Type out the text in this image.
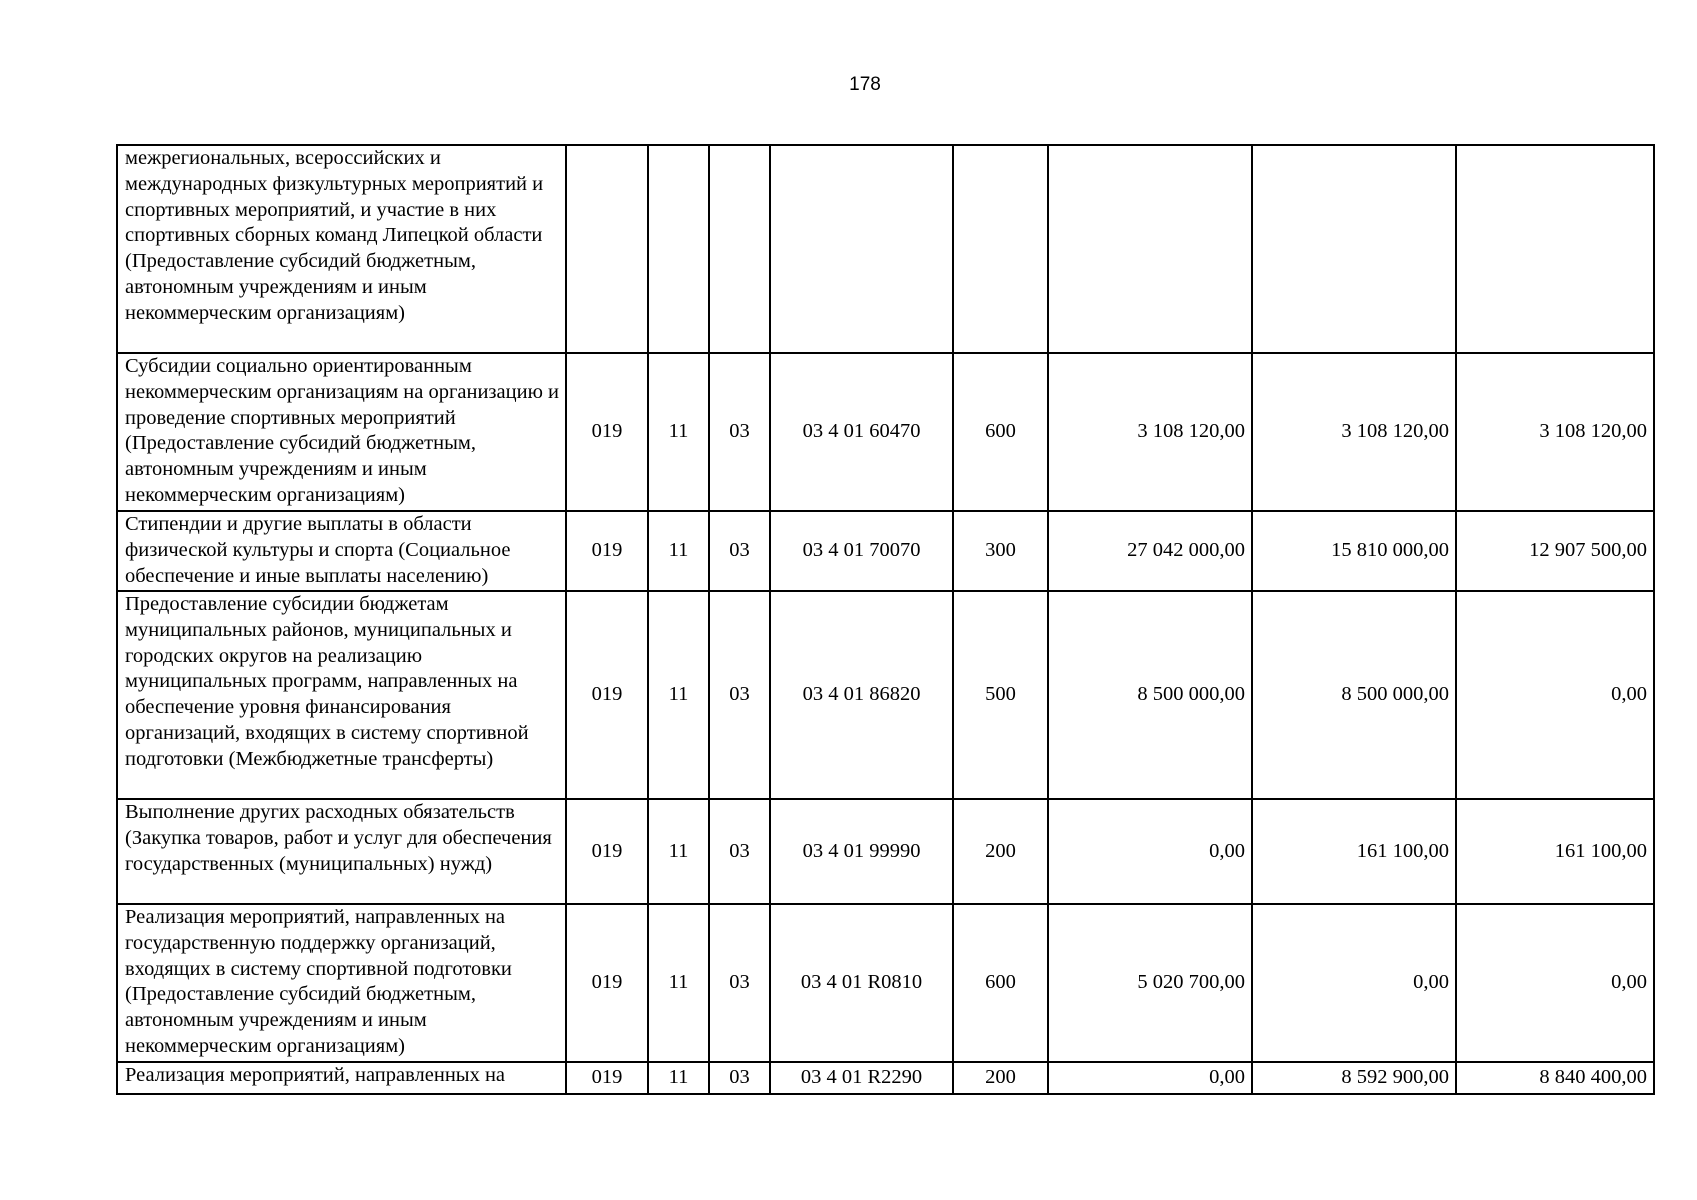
178
межрегиональных, всероссийских и международных физкультурных мероприятий и спортивных мероприятий, и участие в них спортивных сборных команд Липецкой области (Предоставление субсидий бюджетным, автономным учреждениям и иным некоммерческим организациям)								
Субсидии социально ориентированным некоммерческим организациям на организацию и проведение спортивных мероприятий (Предоставление субсидий бюджетным, автономным учреждениям и иным некоммерческим организациям)	019	11	03	03 4 01 60470	600	3 108 120,00	3 108 120,00	3 108 120,00
Стипендии и другие выплаты в области физической культуры и спорта (Социальное обеспечение и иные выплаты населению)	019	11	03	03 4 01 70070	300	27 042 000,00	15 810 000,00	12 907 500,00
Предоставление субсидии бюджетам муниципальных районов, муниципальных и городских округов на реализацию муниципальных программ, направленных на обеспечение уровня финансирования организаций, входящих в систему спортивной подготовки (Межбюджетные трансферты)	019	11	03	03 4 01 86820	500	8 500 000,00	8 500 000,00	0,00
Выполнение других расходных обязательств (Закупка товаров, работ и услуг для обеспечения государственных (муниципальных) нужд)	019	11	03	03 4 01 99990	200	0,00	161 100,00	161 100,00
Реализация мероприятий, направленных на государственную поддержку организаций, входящих в систему спортивной подготовки (Предоставление субсидий бюджетным, автономным учреждениям и иным некоммерческим организациям)	019	11	03	03 4 01 R0810	600	5 020 700,00	0,00	0,00
Реализация мероприятий, направленных на	019	11	03	03 4 01 R2290	200	0,00	8 592 900,00	8 840 400,00
